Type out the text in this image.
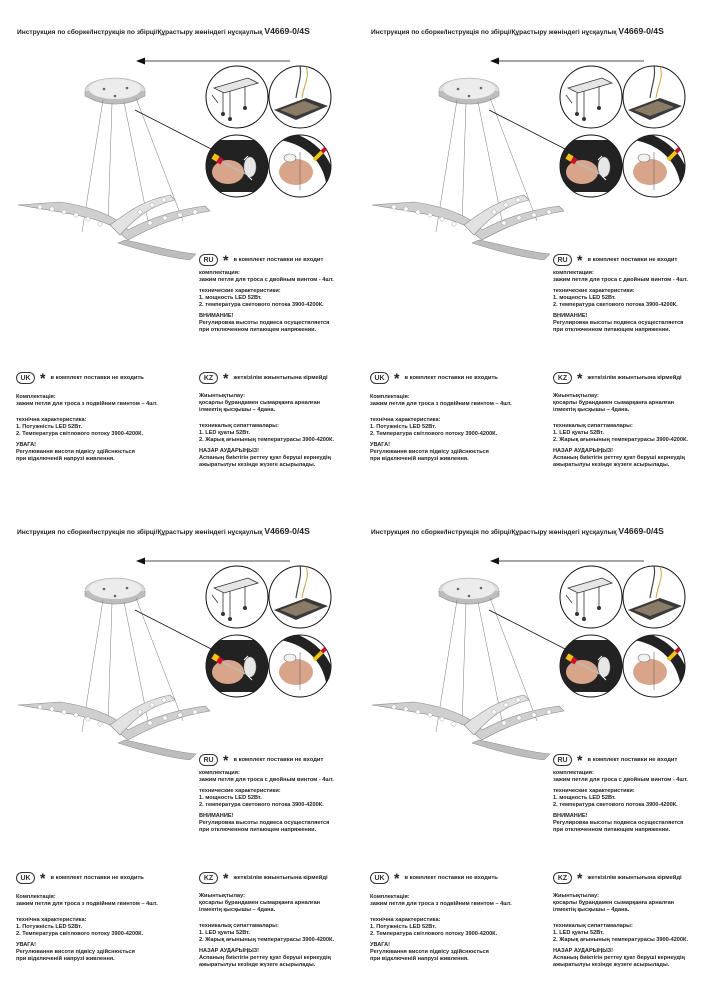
Инструкция по сборке/Інструкція по збірці/Құрастыру жөніндегі нұсқаулық V4669-0/4S
RU * в комплект поставки не входит
комплектация:
зажим петля для троса с двойным винтом - 4шт.
технические характеристики:
1. мощность LED 52Вт.
2. температура светового потока 3900-4200К.
ВНИМАНИЕ!
Регулировка высоты подвеса осуществляется
при отключенном питающем напряжении.
UK * в комплект поставки не входить
Комплектація:
зажим петля для троса з подвійним гвинтом – 4шт.
технічна характеристика:
1. Потужність LED 52Вт.
2. Температура світлового потоку 3900-4200К.
УВАГА!
Регулювання висоти підвісу здійснюється
при відключеній напрузі живлення.
KZ * жеткізілім жиынтығына кірмейді
Жиынтықтылау:
қосарлы бұрандамен сымарқанға арналған
ілмектің қысқышы – 4дана.
техникалық сипаттамалары:
1. LED қуаты 52Вт.
2. Жарық ағынының температурасы 3900-4200К.
НАЗАР АУДАРЫҢЫЗ!
Аспаның биіктігін реттеу қуат беруші кернеудің
ажыратылуы кезінде жүзеге асырылады.
Инструкция по сборке/Інструкція по збірці/Құрастыру жөніндегі нұсқаулық V4669-0/4S
RU * в комплект поставки не входит
комплектация:
зажим петля для троса с двойным винтом - 4шт.
технические характеристики:
1. мощность LED 52Вт.
2. температура светового потока 3900-4200К.
ВНИМАНИЕ!
Регулировка высоты подвеса осуществляется
при отключенном питающем напряжении.
UK * в комплект поставки не входить
Комплектація:
зажим петля для троса з подвійним гвинтом – 4шт.
технічна характеристика:
1. Потужність LED 52Вт.
2. Температура світлового потоку 3900-4200К.
УВАГА!
Регулювання висоти підвісу здійснюється
при відключеній напрузі живлення.
KZ * жеткізілім жиынтығына кірмейді
Жиынтықтылау:
қосарлы бұрандамен сымарқанға арналған
ілмектің қысқышы – 4дана.
техникалық сипаттамалары:
1. LED қуаты 52Вт.
2. Жарық ағынының температурасы 3900-4200К.
НАЗАР АУДАРЫҢЫЗ!
Аспаның биіктігін реттеу қуат беруші кернеудің
ажыратылуы кезінде жүзеге асырылады.
Инструкция по сборке/Інструкція по збірці/Құрастыру жөніндегі нұсқаулық V4669-0/4S
RU * в комплект поставки не входит
комплектация:
зажим петля для троса с двойным винтом - 4шт.
технические характеристики:
1. мощность LED 52Вт.
2. температура светового потока 3900-4200К.
ВНИМАНИЕ!
Регулировка высоты подвеса осуществляется
при отключенном питающем напряжении.
UK * в комплект поставки не входить
Комплектація:
зажим петля для троса з подвійним гвинтом – 4шт.
технічна характеристика:
1. Потужність LED 52Вт.
2. Температура світлового потоку 3900-4200К.
УВАГА!
Регулювання висоти підвісу здійснюється
при відключеній напрузі живлення.
KZ * жеткізілім жиынтығына кірмейді
Жиынтықтылау:
қосарлы бұрандамен сымарқанға арналған
ілмектің қысқышы – 4дана.
техникалық сипаттамалары:
1. LED қуаты 52Вт.
2. Жарық ағынының температурасы 3900-4200К.
НАЗАР АУДАРЫҢЫЗ!
Аспаның биіктігін реттеу қуат беруші кернеудің
ажыратылуы кезінде жүзеге асырылады.
Инструкция по сборке/Інструкція по збірці/Құрастыру жөніндегі нұсқаулық V4669-0/4S
RU * в комплект поставки не входит
комплектация:
зажим петля для троса с двойным винтом - 4шт.
технические характеристики:
1. мощность LED 52Вт.
2. температура светового потока 3900-4200К.
ВНИМАНИЕ!
Регулировка высоты подвеса осуществляется
при отключенном питающем напряжении.
UK * в комплект поставки не входить
Комплектація:
зажим петля для троса з подвійним гвинтом – 4шт.
технічна характеристика:
1. Потужність LED 52Вт.
2. Температура світлового потоку 3900-4200К.
УВАГА!
Регулювання висоти підвісу здійснюється
при відключеній напрузі живлення.
KZ * жеткізілім жиынтығына кірмейді
Жиынтықтылау:
қосарлы бұрандамен сымарқанға арналған
ілмектің қысқышы – 4дана.
техникалық сипаттамалары:
1. LED қуаты 52Вт.
2. Жарық ағынының температурасы 3900-4200К.
НАЗАР АУДАРЫҢЫЗ!
Аспаның биіктігін реттеу қуат беруші кернеудің
ажыратылуы кезінде жүзеге асырылады.
